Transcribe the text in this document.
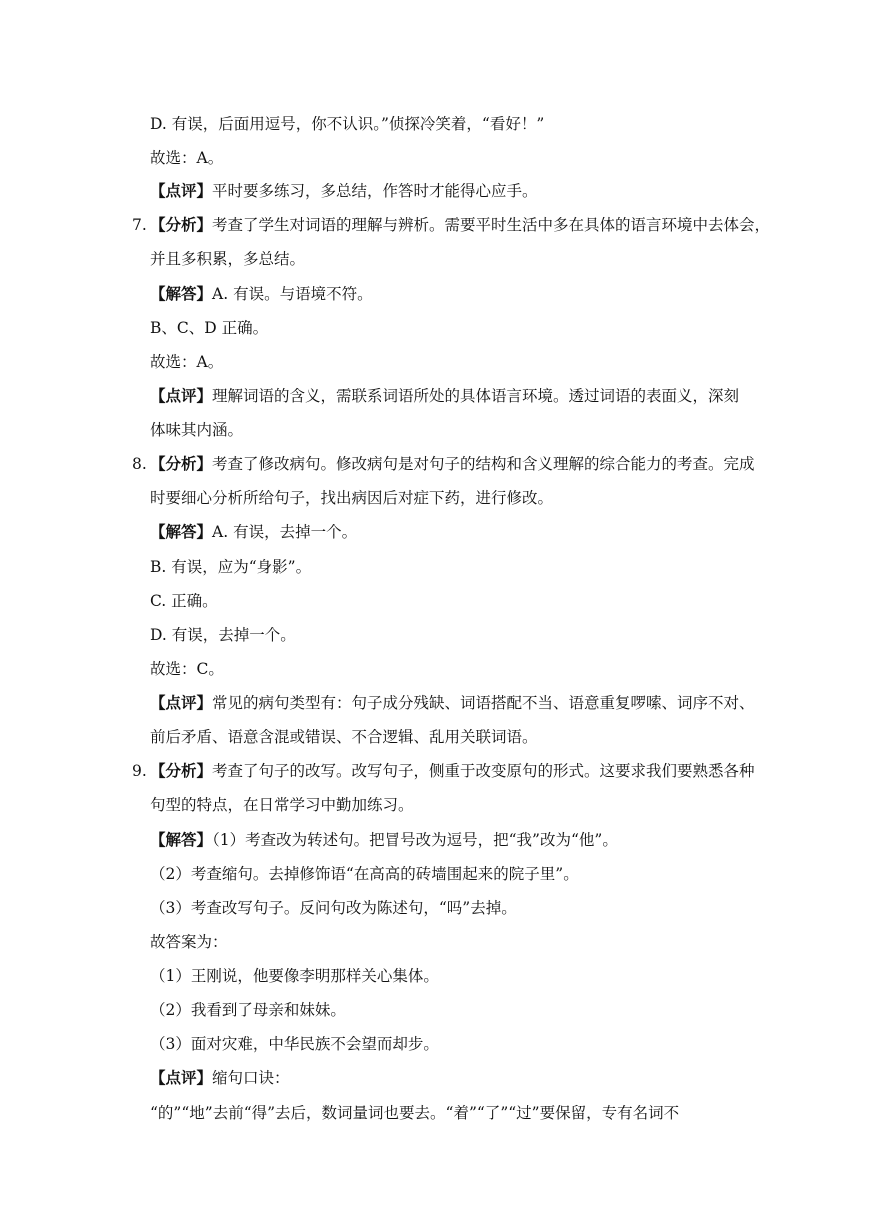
D. 有误，后面用逗号，你不认识。”侦探冷笑着，“看好！”
故选：A。
【点评】平时要多练习，多总结，作答时才能得心应手。
7. 【分析】考查了学生对词语的理解与辨析。需要平时生活中多在具体的语言环境中去体会，
并且多积累，多总结。
【解答】A. 有误。与语境不符。
B、C、D 正确。
故选：A。
【点评】理解词语的含义，需联系词语所处的具体语言环境。透过词语的表面义，深刻
体味其内涵。
8. 【分析】考查了修改病句。修改病句是对句子的结构和含义理解的综合能力的考查。完成
时要细心分析所给句子，找出病因后对症下药，进行修改。
【解答】A. 有误，去掉一个。
B. 有误，应为“身影”。
C. 正确。
D. 有误，去掉一个。
故选：C。
【点评】常见的病句类型有：句子成分残缺、词语搭配不当、语意重复啰嗦、词序不对、
前后矛盾、语意含混或错误、不合逻辑、乱用关联词语。
9. 【分析】考查了句子的改写。改写句子，侧重于改变原句的形式。这要求我们要熟悉各种
句型的特点，在日常学习中勤加练习。
【解答】（1）考查改为转述句。把冒号改为逗号，把“我”改为“他”。
（2）考查缩句。去掉修饰语“在高高的砖墙围起来的院子里”。
（3）考查改写句子。反问句改为陈述句，“吗”去掉。
故答案为：
（1）王刚说，他要像李明那样关心集体。
（2）我看到了母亲和妹妹。
（3）面对灾难，中华民族不会望而却步。
【点评】缩句口诀：
“的”“地”去前“得”去后，数词量词也要去。“着”“了”“过”要保留，专有名词不
